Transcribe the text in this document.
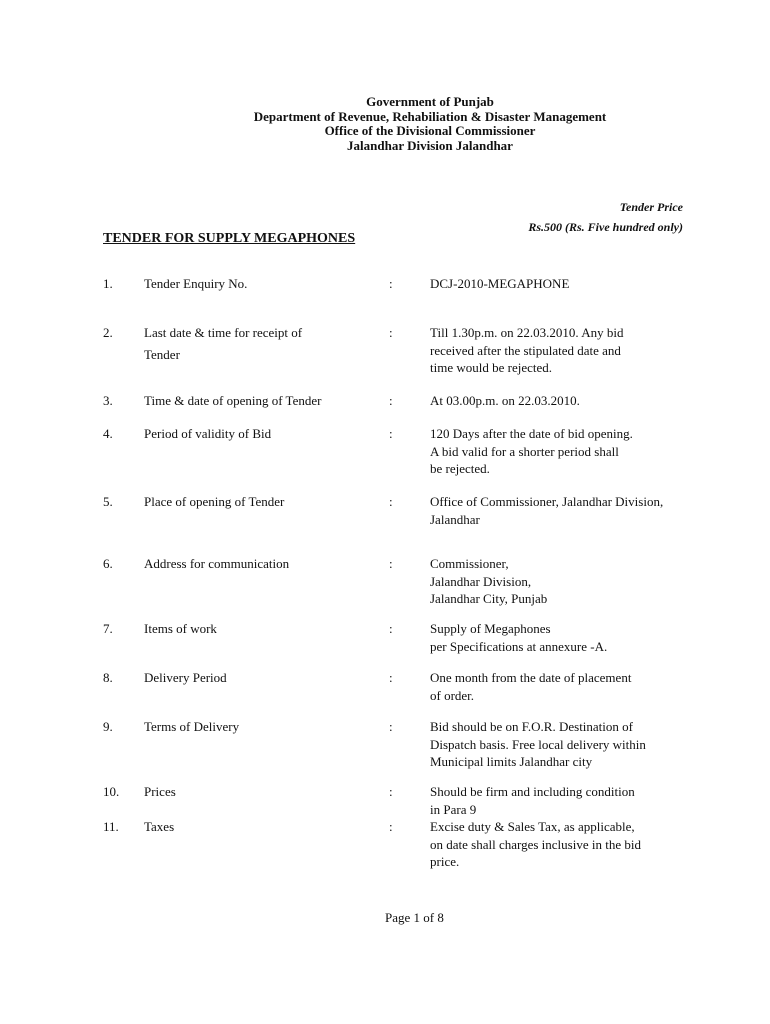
Government of Punjab
Department of Revenue, Rehabiliation & Disaster Management
Office of the Divisional Commissioner
Jalandhar Division Jalandhar
Tender Price
Rs.500 (Rs. Five hundred only)
TENDER FOR SUPPLY MEGAPHONES
1. Tender Enquiry No.	:	DCJ-2010-MEGAPHONE
2. Last date & time for receipt of
Tender
:	Till 1.30p.m. on 22.03.2010. Any bid
received after the stipulated date and
time would be rejected.
3. Time & date of opening of Tender	:	At 03.00p.m. on 22.03.2010.
4. Period of validity of Bid	:	120 Days after the date of bid opening.
A bid valid for a shorter period shall
be rejected.
5. Place of opening of Tender	:	Office of Commissioner, Jalandhar Division,
Jalandhar
6. Address for communication	:	Commissioner,
Jalandhar Division,
Jalandhar City, Punjab
7. Items of work	:	Supply of Megaphones
per Specifications at annexure -A.
8. Delivery Period	:	One month from the date of placement
of order.
9. Terms of Delivery	:	Bid should be on F.O.R. Destination of
Dispatch basis. Free local delivery within
Municipal limits Jalandhar city
10. Prices	:	Should be firm and including condition
in Para 9
11. Taxes	:	Excise duty & Sales Tax, as applicable,
on date shall charges inclusive in the bid
price.
Page 1 of 8
